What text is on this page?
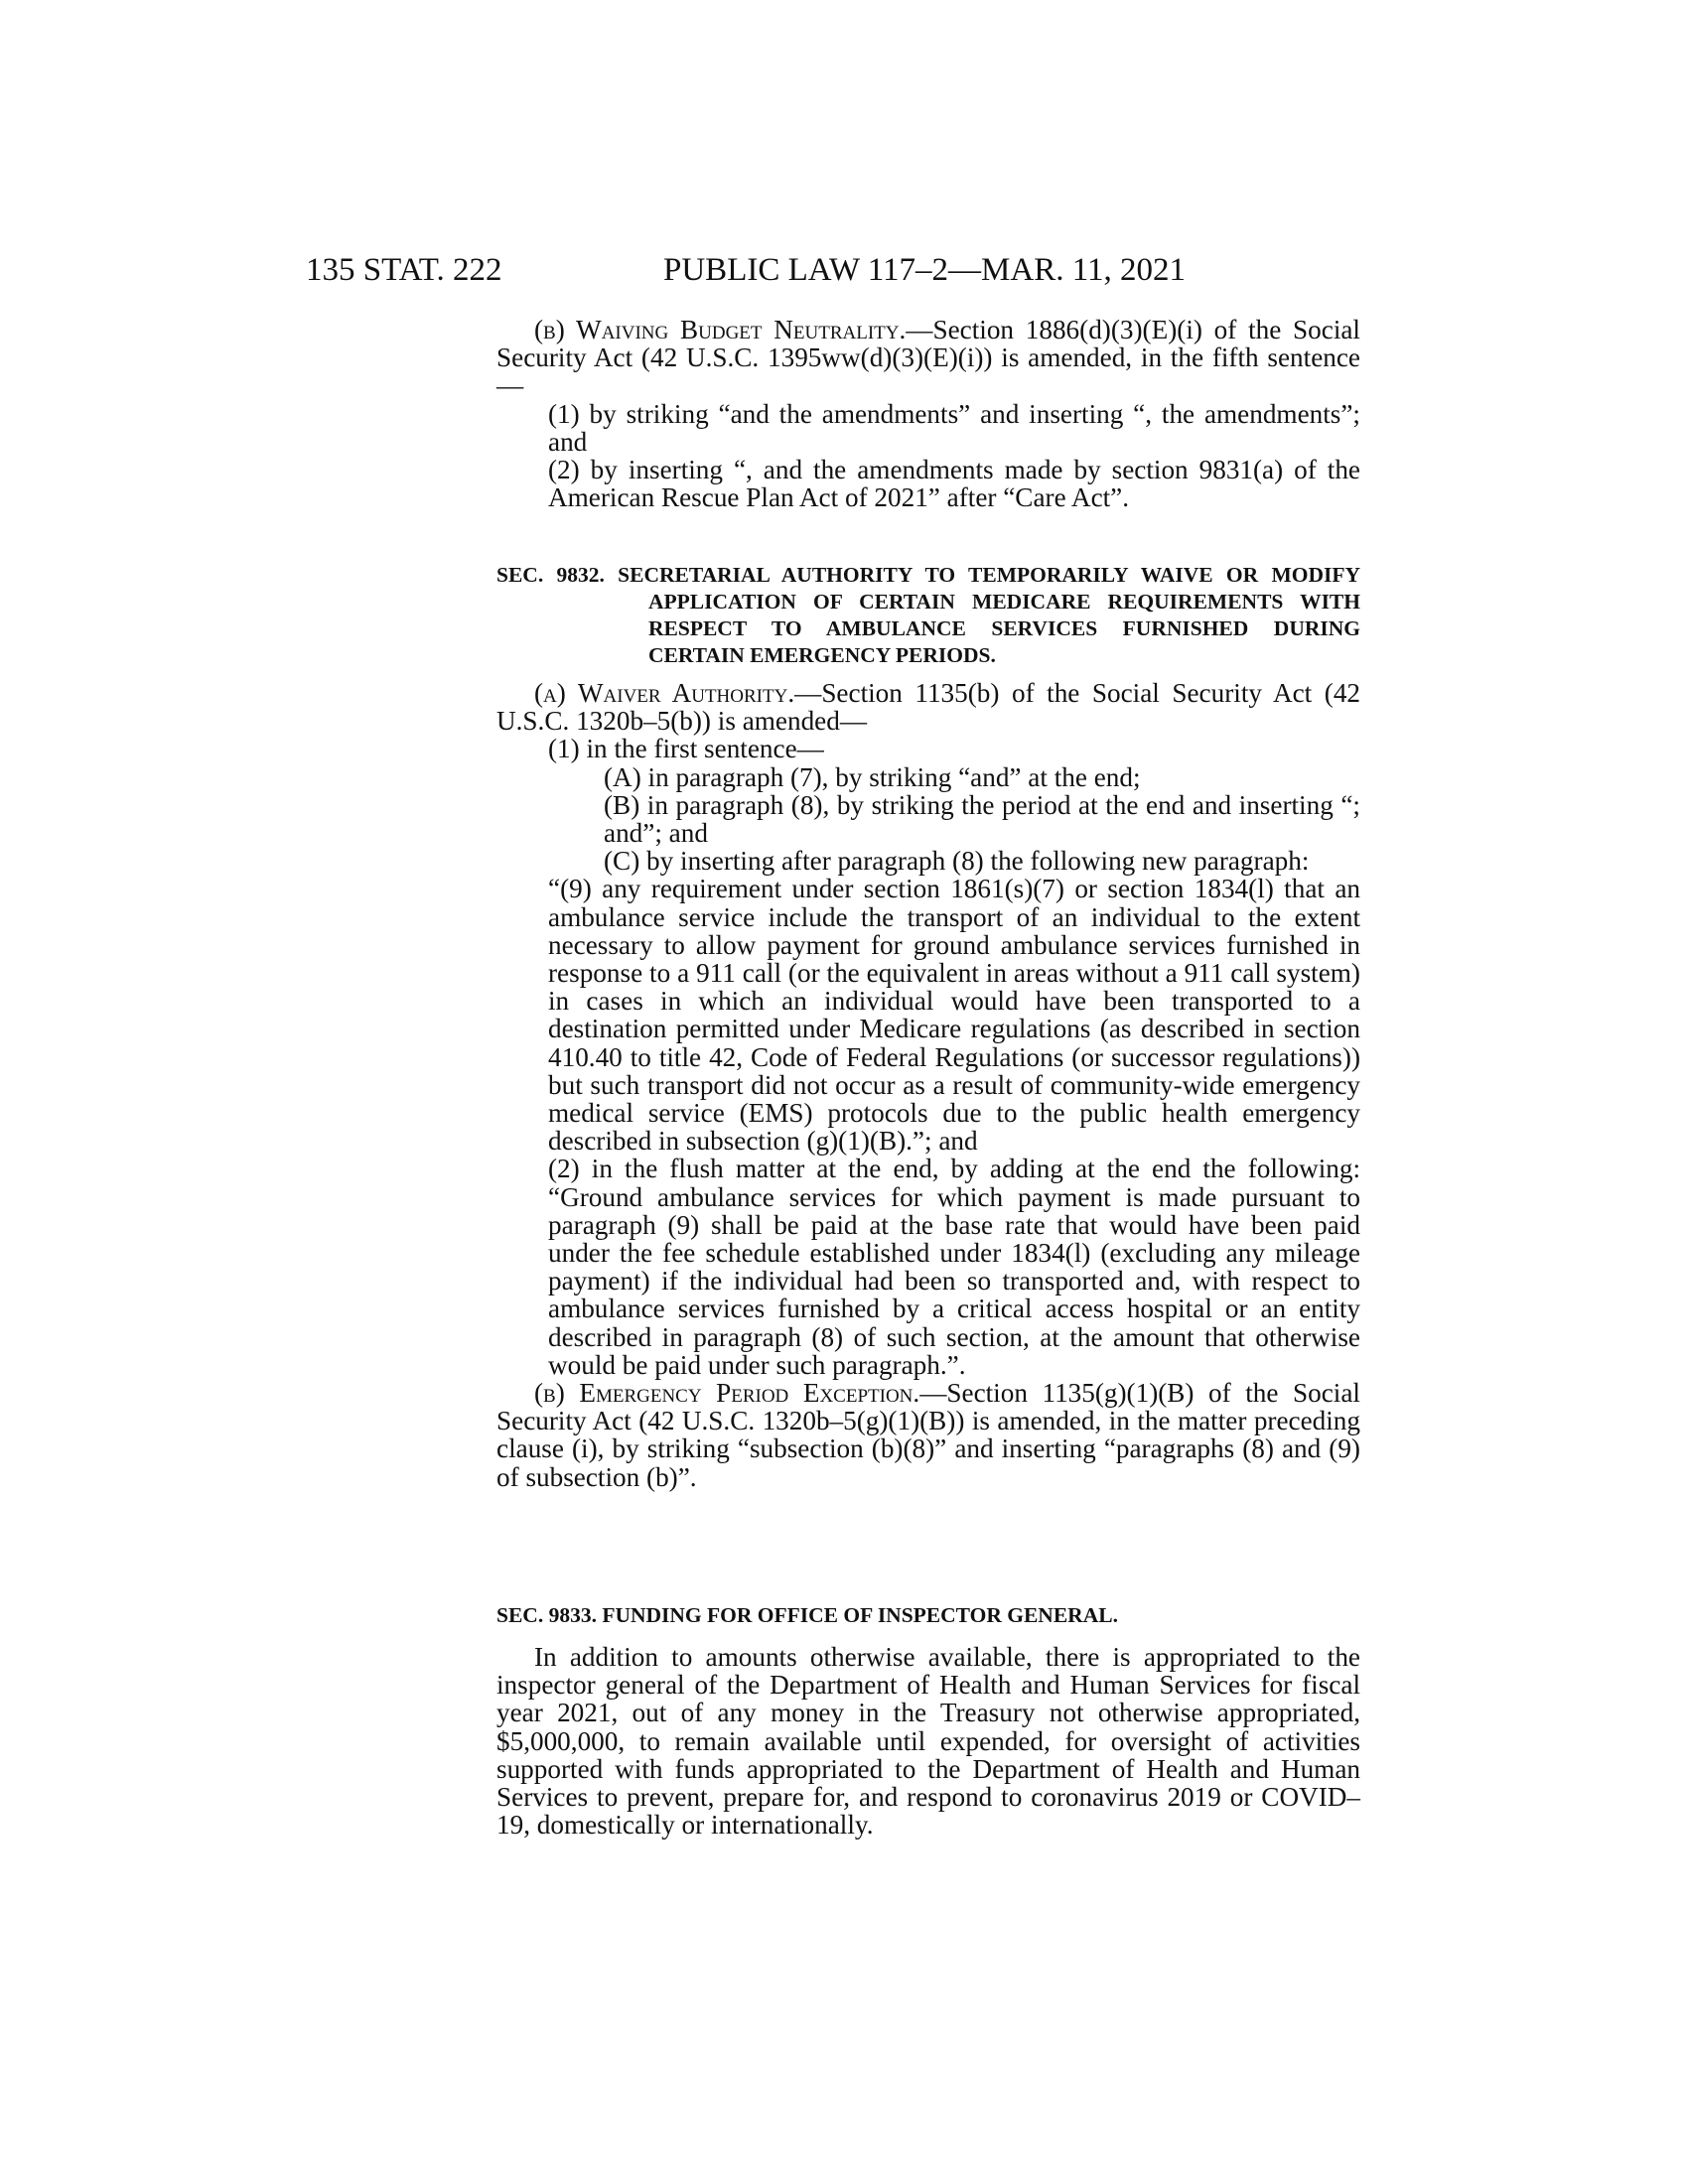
135 STAT. 222	PUBLIC LAW 117–2—MAR. 11, 2021

(b) Waiving Budget Neutrality.—Section 1886(d)(3)(E)(i) of the Social Security Act (42 U.S.C. 1395ww(d)(3)(E)(i)) is amended, in the fifth sentence—

(1) by striking “and the amendments” and inserting “, the amendments”; and

(2) by inserting “, and the amendments made by section 9831(a) of the American Rescue Plan Act of 2021” after “Care Act”.

SEC. 9832. SECRETARIAL AUTHORITY TO TEMPORARILY WAIVE OR MODIFY APPLICATION OF CERTAIN MEDICARE REQUIREMENTS WITH RESPECT TO AMBULANCE SERVICES FURNISHED DURING CERTAIN EMERGENCY PERIODS.

(a) Waiver Authority.—Section 1135(b) of the Social Security Act (42 U.S.C. 1320b–5(b)) is amended—

(1) in the first sentence—

(A) in paragraph (7), by striking “and” at the end;

(B) in paragraph (8), by striking the period at the end and inserting “; and”; and

(C) by inserting after paragraph (8) the following new paragraph:

“(9) any requirement under section 1861(s)(7) or section 1834(l) that an ambulance service include the transport of an individual to the extent necessary to allow payment for ground ambulance services furnished in response to a 911 call (or the equivalent in areas without a 911 call system) in cases in which an individual would have been transported to a destination permitted under Medicare regulations (as described in section 410.40 to title 42, Code of Federal Regulations (or successor regulations)) but such transport did not occur as a result of community-wide emergency medical service (EMS) protocols due to the public health emergency described in subsection (g)(1)(B).”; and

(2) in the flush matter at the end, by adding at the end the following: “Ground ambulance services for which payment is made pursuant to paragraph (9) shall be paid at the base rate that would have been paid under the fee schedule established under 1834(l) (excluding any mileage payment) if the individual had been so transported and, with respect to ambulance services furnished by a critical access hospital or an entity described in paragraph (8) of such section, at the amount that otherwise would be paid under such paragraph.”.

(b) Emergency Period Exception.—Section 1135(g)(1)(B) of the Social Security Act (42 U.S.C. 1320b–5(g)(1)(B)) is amended, in the matter preceding clause (i), by striking “subsection (b)(8)” and inserting “paragraphs (8) and (9) of subsection (b)”.

SEC. 9833. FUNDING FOR OFFICE OF INSPECTOR GENERAL.

In addition to amounts otherwise available, there is appropriated to the inspector general of the Department of Health and Human Services for fiscal year 2021, out of any money in the Treasury not otherwise appropriated, $5,000,000, to remain available until expended, for oversight of activities supported with funds appropriated to the Department of Health and Human Services to prevent, prepare for, and respond to coronavirus 2019 or COVID–19, domestically or internationally.
